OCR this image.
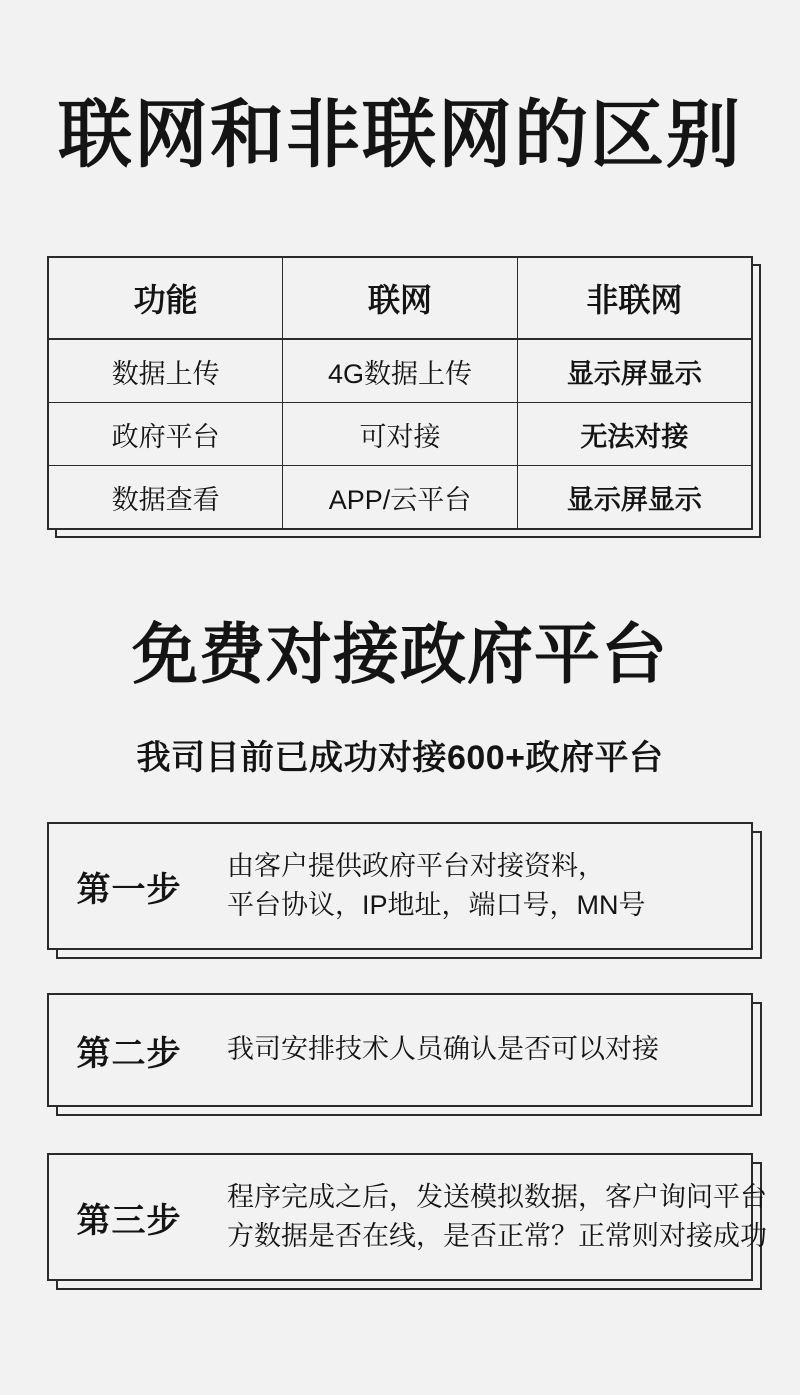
联网和非联网的区别
功能	联网	非联网
数据上传	4G数据上传	显示屏显示
政府平台	可对接	无法对接
数据查看	APP/云平台	显示屏显示
免费对接政府平台
我司目前已成功对接600+政府平台
第一步
由客户提供政府平台对接资料，
平台协议，IP地址，端口号，MN号
第二步	我司安排技术人员确认是否可以对接
第三步
程序完成之后，发送模拟数据，客户询问平台
方数据是否在线，是否正常？正常则对接成功
